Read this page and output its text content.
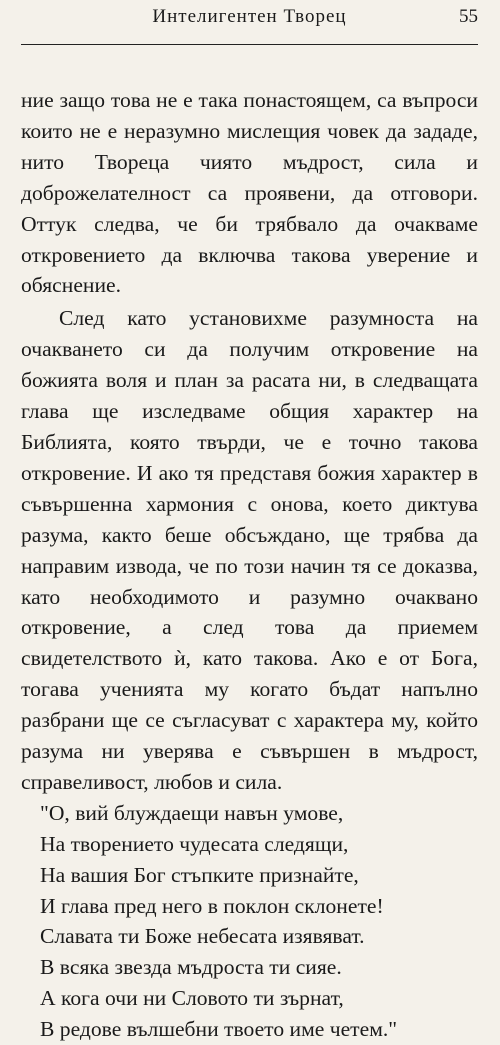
Интелигентен Творец	55

ние защо това не е така понастоящем, са въпроси които не е неразумно мислещия човек да зададе, нито Твореца чиято мъдрост, сила и доброжелателност са проявени, да отговори. Оттук следва, че би трябвало да очакваме откровението да включва такова уверение и обяснение.

След като установихме разумноста на очакването си да получим откровение на божията воля и план за расата ни, в следващата глава ще изследваме общия характер на Библията, която твърди, че е точно такова откровение. И ако тя представя божия характер в съвършенна хармония с онова, което диктува разума, както беше обсъждано, ще трябва да направим извода, че по този начин тя се доказва, като необходимото и разумно очаквано откровение, а след това да приемем свидетелството ѝ, като такова. Ако е от Бога, тогава ученията му когато бъдат напълно разбрани ще се съгласуват с характера му, който разума ни уверява е съвършен в мъдрост, справеливост, любов и сила.

"О, вий блуждаещи навън умове,
На творението чудесата следящи,
На вашия Бог стъпките признайте,
И глава пред него в поклон склонете!
Славата ти Боже небесата изявяват.
В всяка звезда мъдроста ти сияе.
А кога очи ни Словото ти зърнат,
В редове вълшебни твоето име четем."
